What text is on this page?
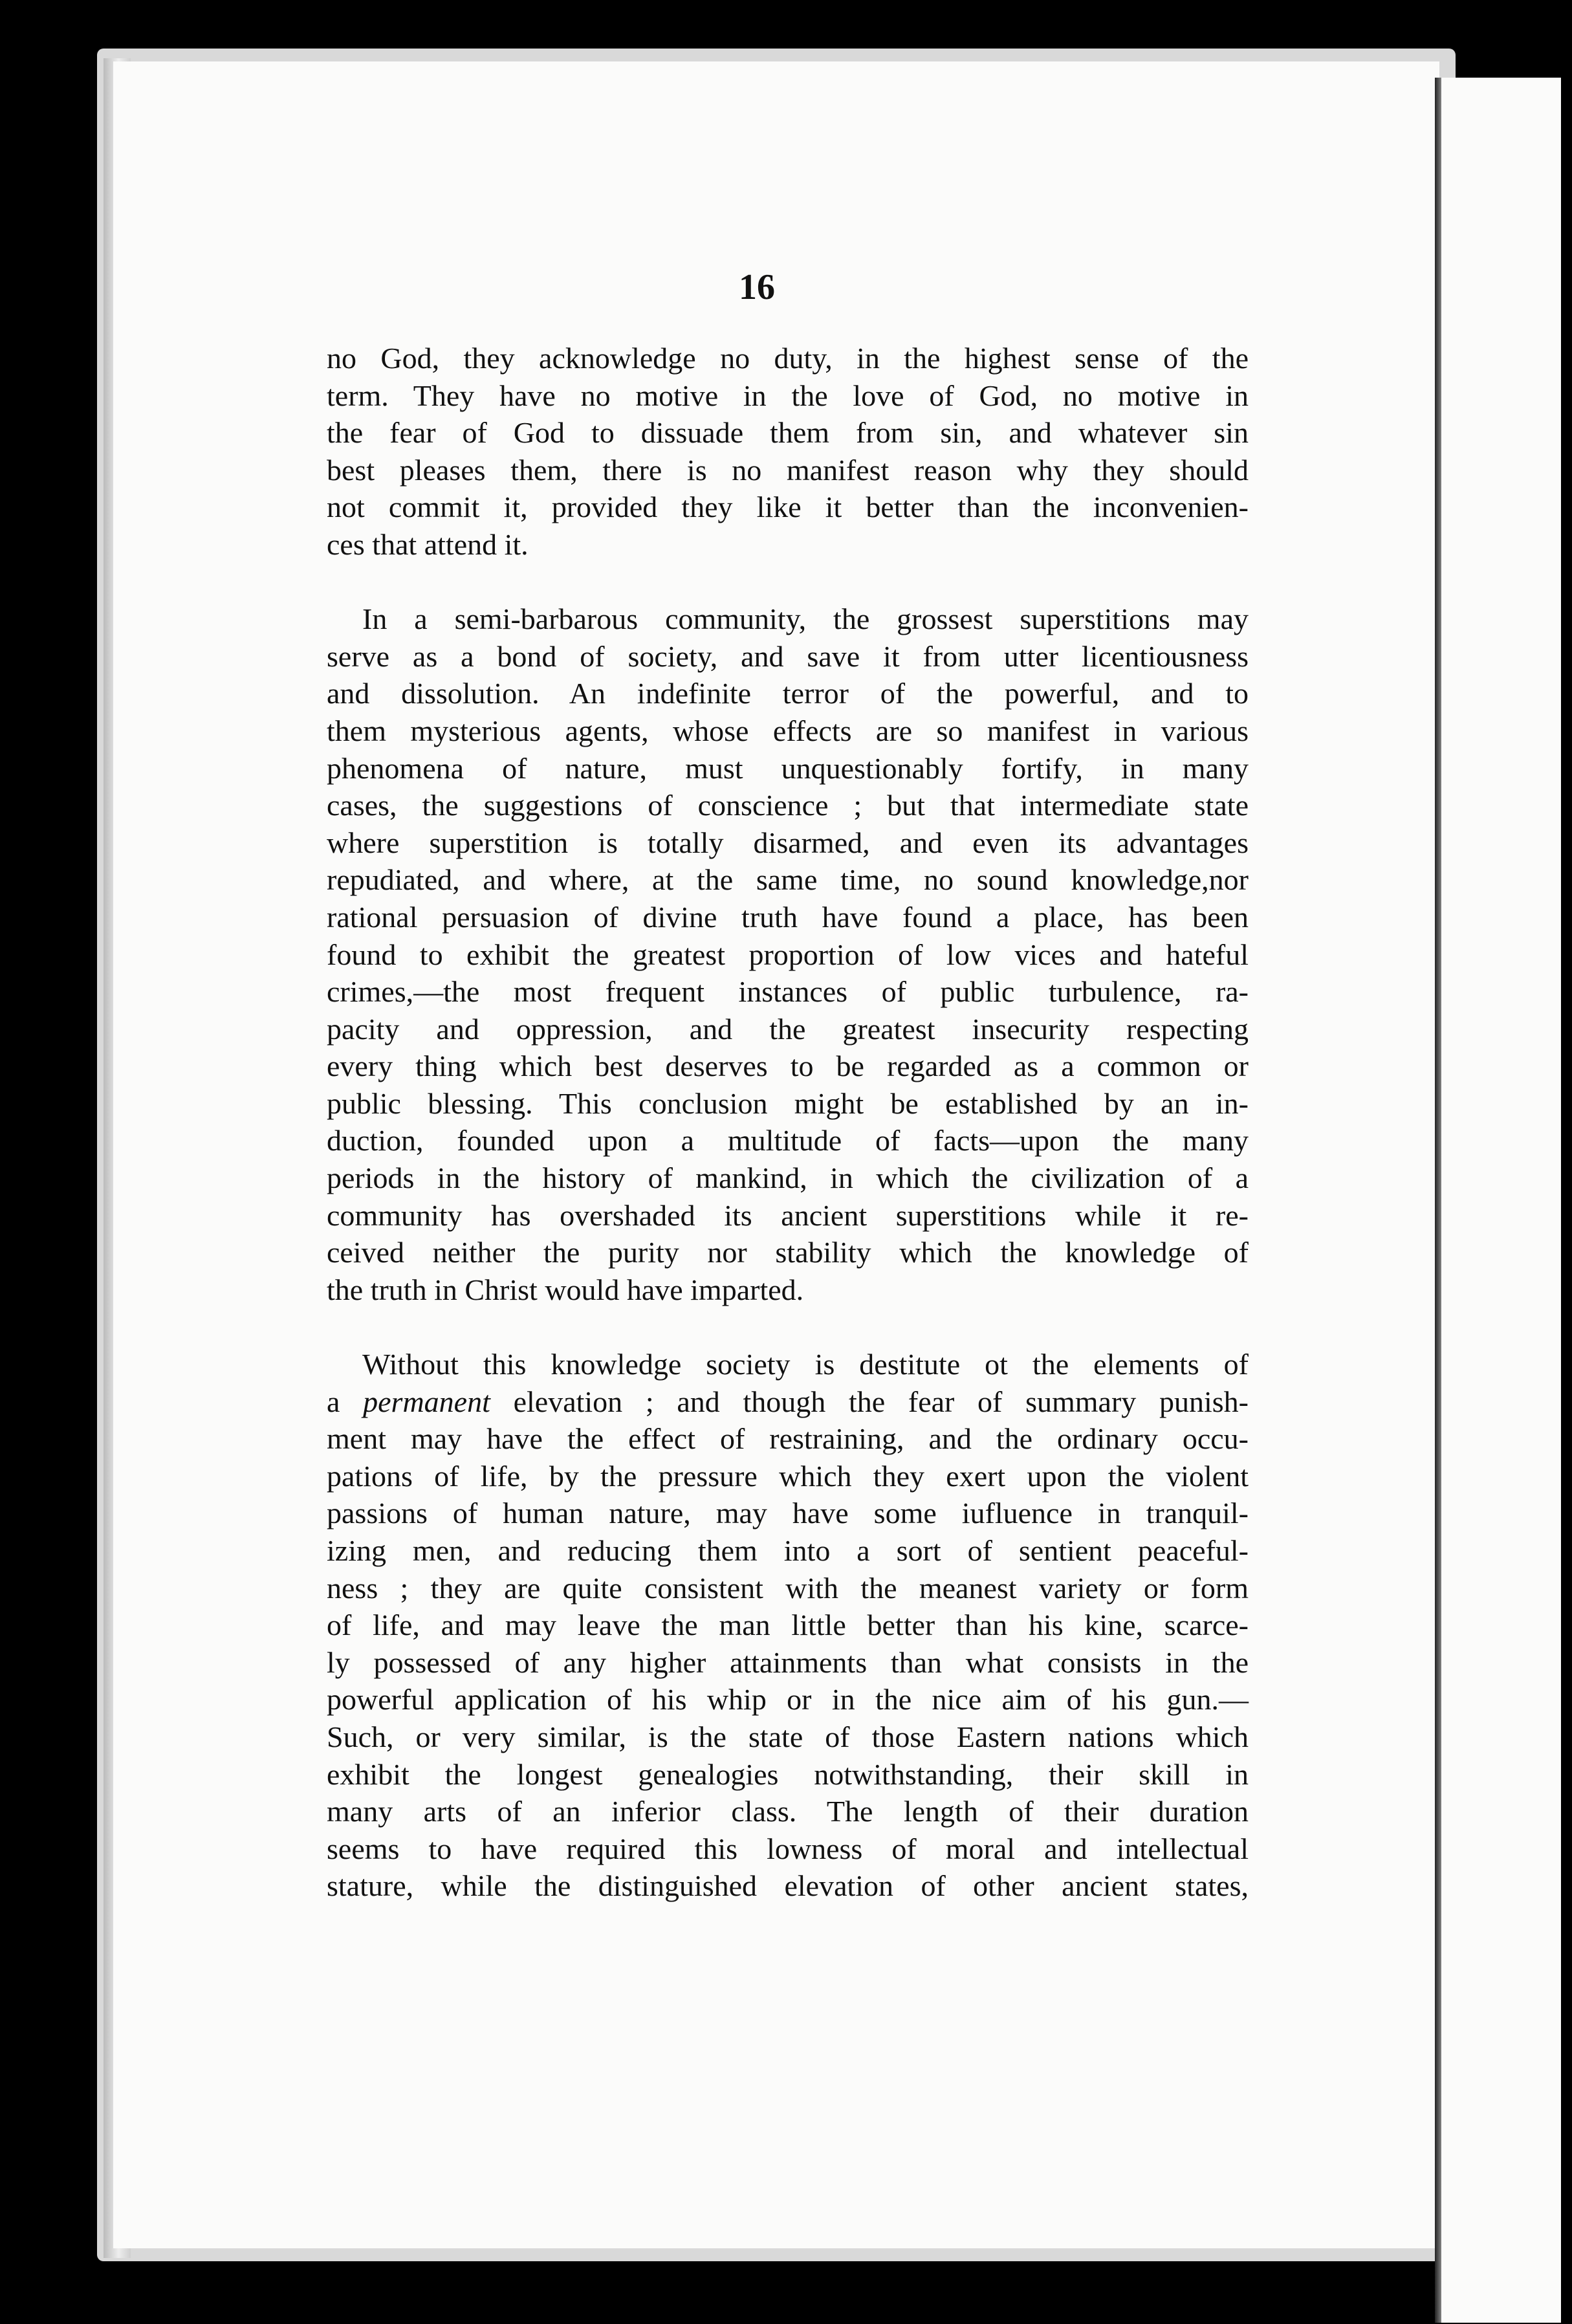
16
no God, they acknowledge no duty, in the highest sense of the
term. They have no motive in the love of God, no motive in
the fear of God to dissuade them from sin, and whatever sin
best pleases them, there is no manifest reason why they should
not commit it, provided they like it better than the inconvenien-
ces that attend it.
In a semi-barbarous community, the grossest superstitions may
serve as a bond of society, and save it from utter licentiousness
and dissolution. An indefinite terror of the powerful, and to
them mysterious agents, whose effects are so manifest in various
phenomena of nature, must unquestionably fortify, in many
cases, the suggestions of conscience ; but that intermediate state
where superstition is totally disarmed, and even its advantages
repudiated, and where, at the same time, no sound knowledge,nor
rational persuasion of divine truth have found a place, has been
found to exhibit the greatest proportion of low vices and hateful
crimes,—the most frequent instances of public turbulence, ra-
pacity and oppression, and the greatest insecurity respecting
every thing which best deserves to be regarded as a common or
public blessing. This conclusion might be established by an in-
duction, founded upon a multitude of facts—upon the many
periods in the history of mankind, in which the civilization of a
community has overshaded its ancient superstitions while it re-
ceived neither the purity nor stability which the knowledge of
the truth in Christ would have imparted.
Without this knowledge society is destitute ot the elements of
a permanent elevation ; and though the fear of summary punish-
ment may have the effect of restraining, and the ordinary occu-
pations of life, by the pressure which they exert upon the violent
passions of human nature, may have some iufluence in tranquil-
izing men, and reducing them into a sort of sentient peaceful-
ness ; they are quite consistent with the meanest variety or form
of life, and may leave the man little better than his kine, scarce-
ly possessed of any higher attainments than what consists in the
powerful application of his whip or in the nice aim of his gun.—
Such, or very similar, is the state of those Eastern nations which
exhibit the longest genealogies notwithstanding, their skill in
many arts of an inferior class. The length of their duration
seems to have required this lowness of moral and intellectual
stature, while the distinguished elevation of other ancient states,
